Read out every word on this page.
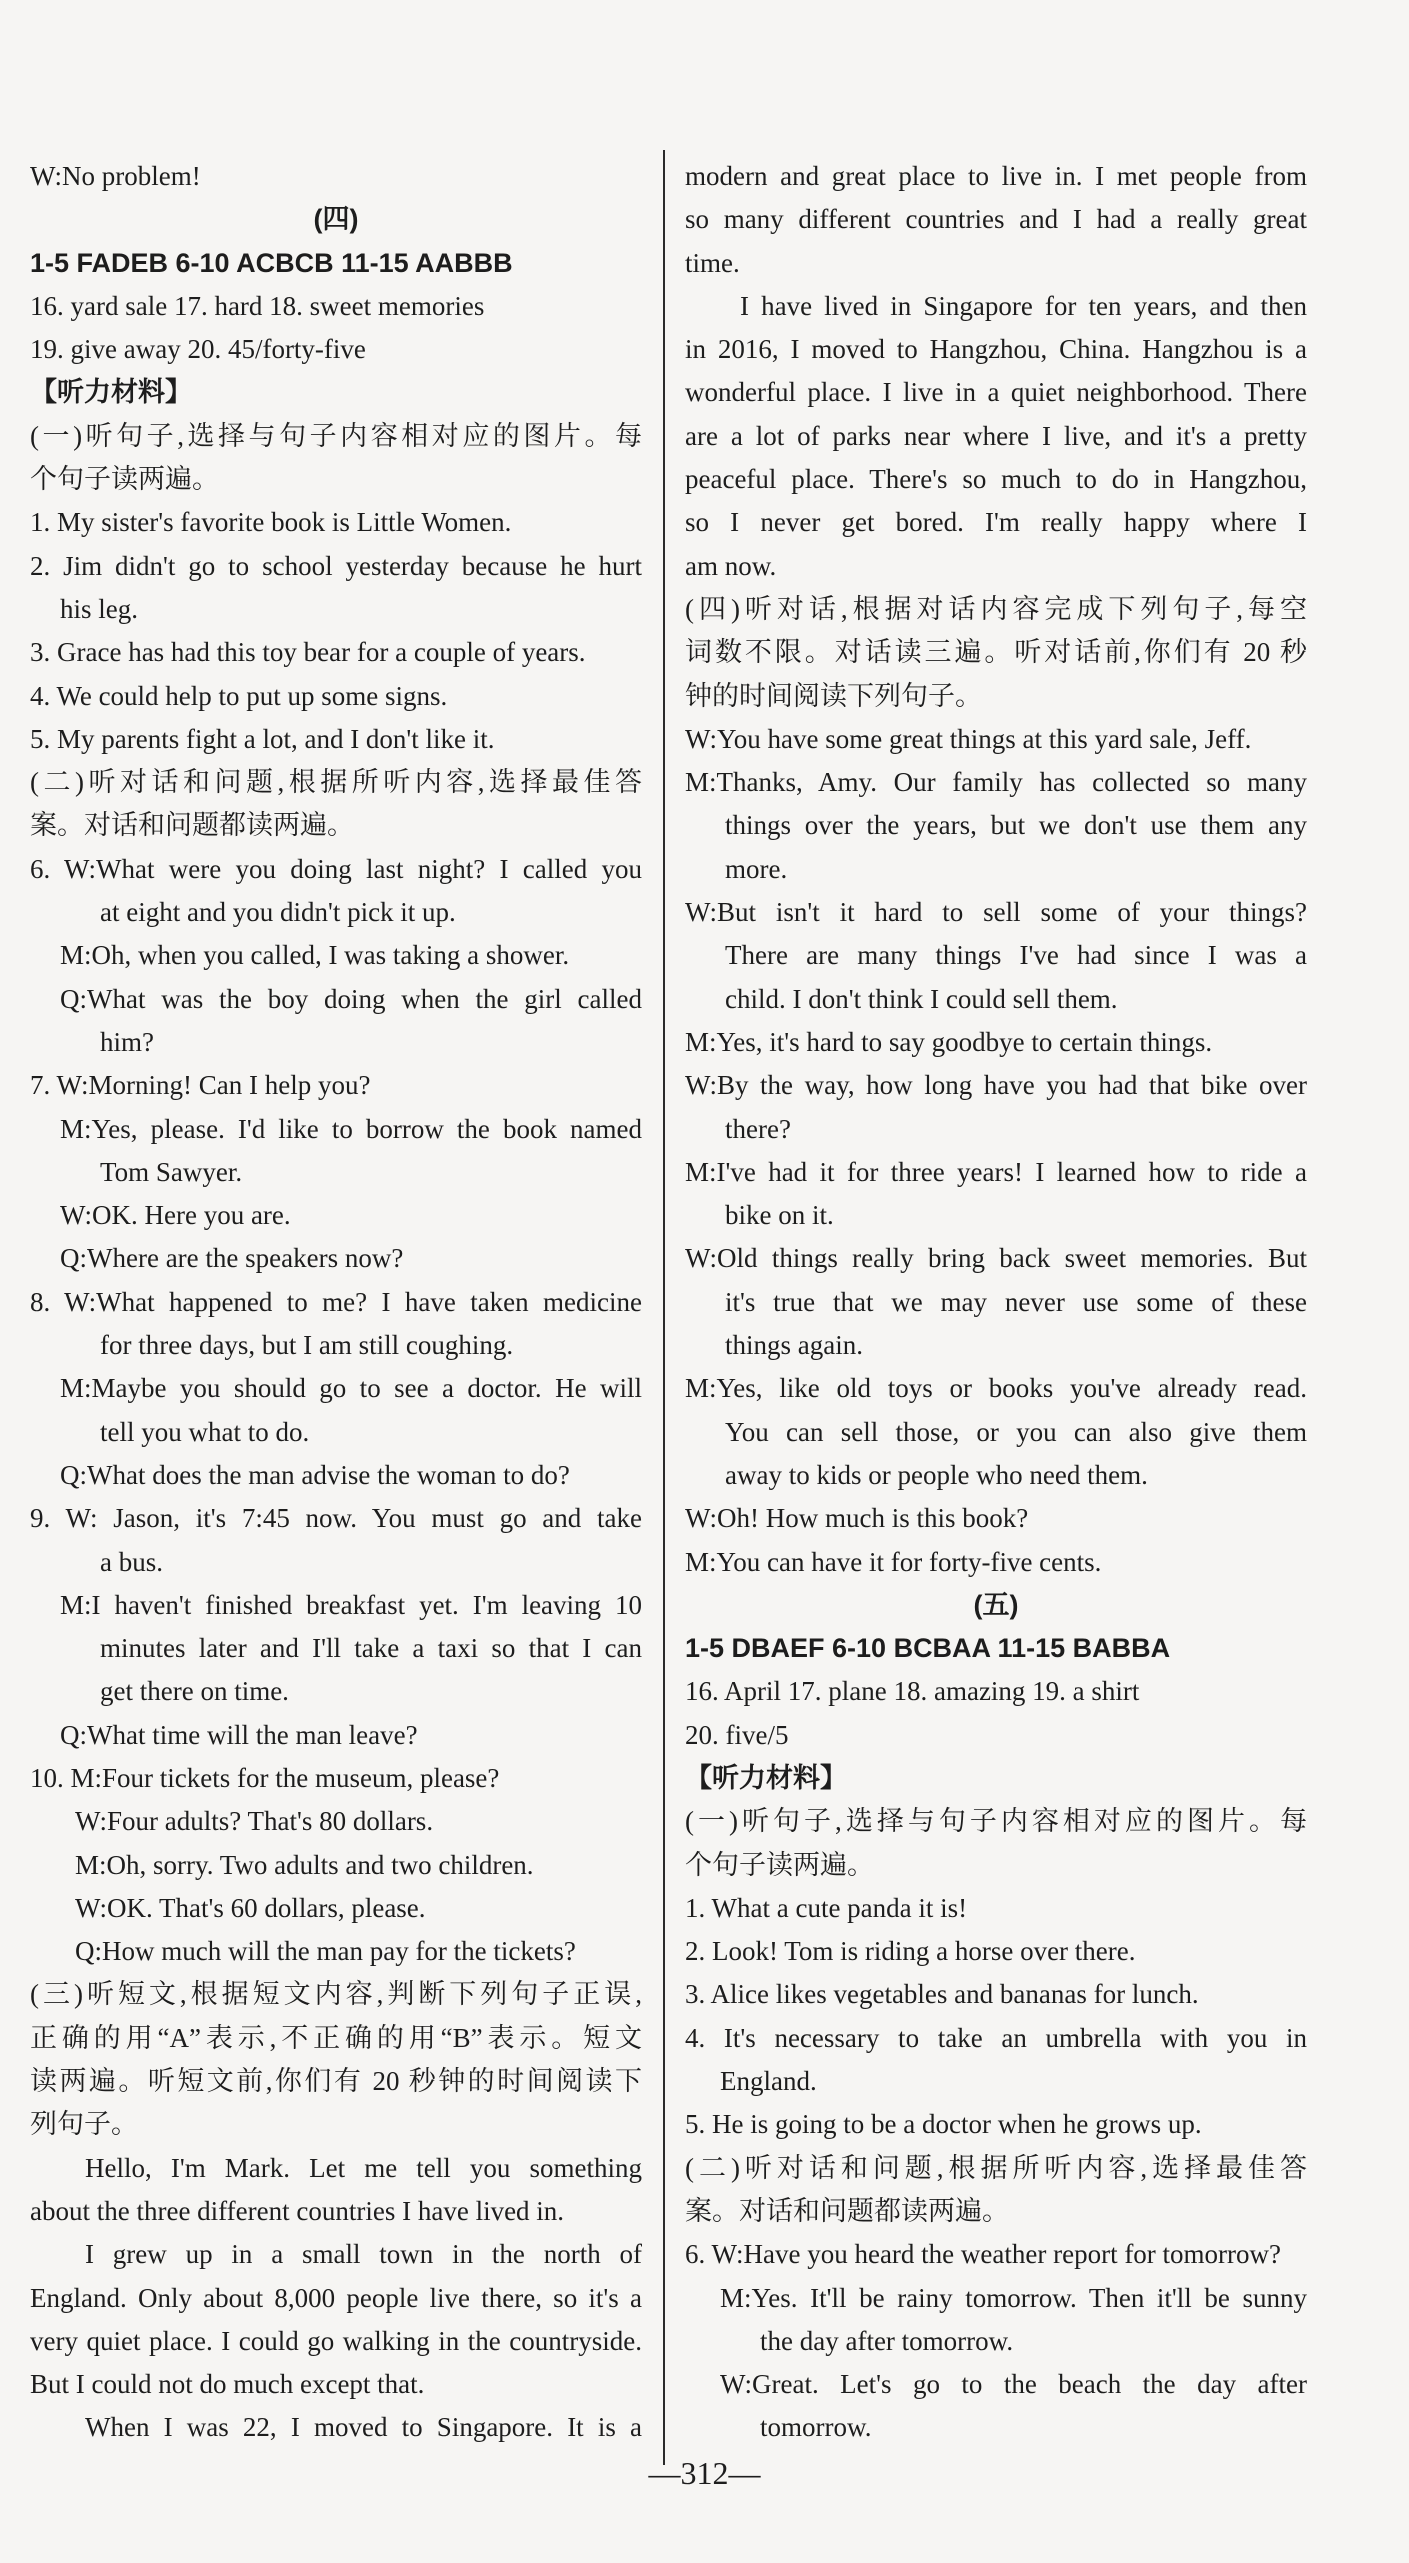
W:No problem!
(四)
1-5 FADEB 6-10 ACBCB 11-15 AABBB
16. yard sale 17. hard 18. sweet memories
19. give away 20. 45/forty-five
【听力材料】
(一)听句子,选择与句子内容相对应的图片。每
个句子读两遍。
1. My sister's favorite book is Little Women.
2. Jim didn't go to school yesterday because he hurt
his leg.
3. Grace has had this toy bear for a couple of years.
4. We could help to put up some signs.
5. My parents fight a lot, and I don't like it.
(二)听对话和问题,根据所听内容,选择最佳答
案。对话和问题都读两遍。
6. W:What were you doing last night? I called you
at eight and you didn't pick it up.
M:Oh, when you called, I was taking a shower.
Q:What was the boy doing when the girl called
him?
7. W:Morning! Can I help you?
M:Yes, please. I'd like to borrow the book named
Tom Sawyer.
W:OK. Here you are.
Q:Where are the speakers now?
8. W:What happened to me? I have taken medicine
for three days, but I am still coughing.
M:Maybe you should go to see a doctor. He will
tell you what to do.
Q:What does the man advise the woman to do?
9. W: Jason, it's 7:45 now. You must go and take
a bus.
M:I haven't finished breakfast yet. I'm leaving 10
minutes later and I'll take a taxi so that I can
get there on time.
Q:What time will the man leave?
10. M:Four tickets for the museum, please?
W:Four adults? That's 80 dollars.
M:Oh, sorry. Two adults and two children.
W:OK. That's 60 dollars, please.
Q:How much will the man pay for the tickets?
(三)听短文,根据短文内容,判断下列句子正误,
正确的用“A”表示,不正确的用“B”表示。短文
读两遍。听短文前,你们有 20 秒钟的时间阅读下
列句子。
Hello, I'm Mark. Let me tell you something
about the three different countries I have lived in.
I grew up in a small town in the north of
England. Only about 8,000 people live there, so it's a
very quiet place. I could go walking in the countryside.
But I could not do much except that.
When I was 22, I moved to Singapore. It is a
modern and great place to live in. I met people from
so many different countries and I had a really great
time.
I have lived in Singapore for ten years, and then
in 2016, I moved to Hangzhou, China. Hangzhou is a
wonderful place. I live in a quiet neighborhood. There
are a lot of parks near where I live, and it's a pretty
peaceful place. There's so much to do in Hangzhou,
so I never get bored. I'm really happy where I
am now.
(四)听对话,根据对话内容完成下列句子,每空
词数不限。对话读三遍。听对话前,你们有 20 秒
钟的时间阅读下列句子。
W:You have some great things at this yard sale, Jeff.
M:Thanks, Amy. Our family has collected so many
things over the years, but we don't use them any
more.
W:But isn't it hard to sell some of your things?
There are many things I've had since I was a
child. I don't think I could sell them.
M:Yes, it's hard to say goodbye to certain things.
W:By the way, how long have you had that bike over
there?
M:I've had it for three years! I learned how to ride a
bike on it.
W:Old things really bring back sweet memories. But
it's true that we may never use some of these
things again.
M:Yes, like old toys or books you've already read.
You can sell those, or you can also give them
away to kids or people who need them.
W:Oh! How much is this book?
M:You can have it for forty-five cents.
(五)
1-5 DBAEF 6-10 BCBAA 11-15 BABBA
16. April 17. plane 18. amazing 19. a shirt
20. five/5
【听力材料】
(一)听句子,选择与句子内容相对应的图片。每
个句子读两遍。
1. What a cute panda it is!
2. Look! Tom is riding a horse over there.
3. Alice likes vegetables and bananas for lunch.
4. It's necessary to take an umbrella with you in
England.
5. He is going to be a doctor when he grows up.
(二)听对话和问题,根据所听内容,选择最佳答
案。对话和问题都读两遍。
6. W:Have you heard the weather report for tomorrow?
M:Yes. It'll be rainy tomorrow. Then it'll be sunny
the day after tomorrow.
W:Great. Let's go to the beach the day after
tomorrow.
—312—
